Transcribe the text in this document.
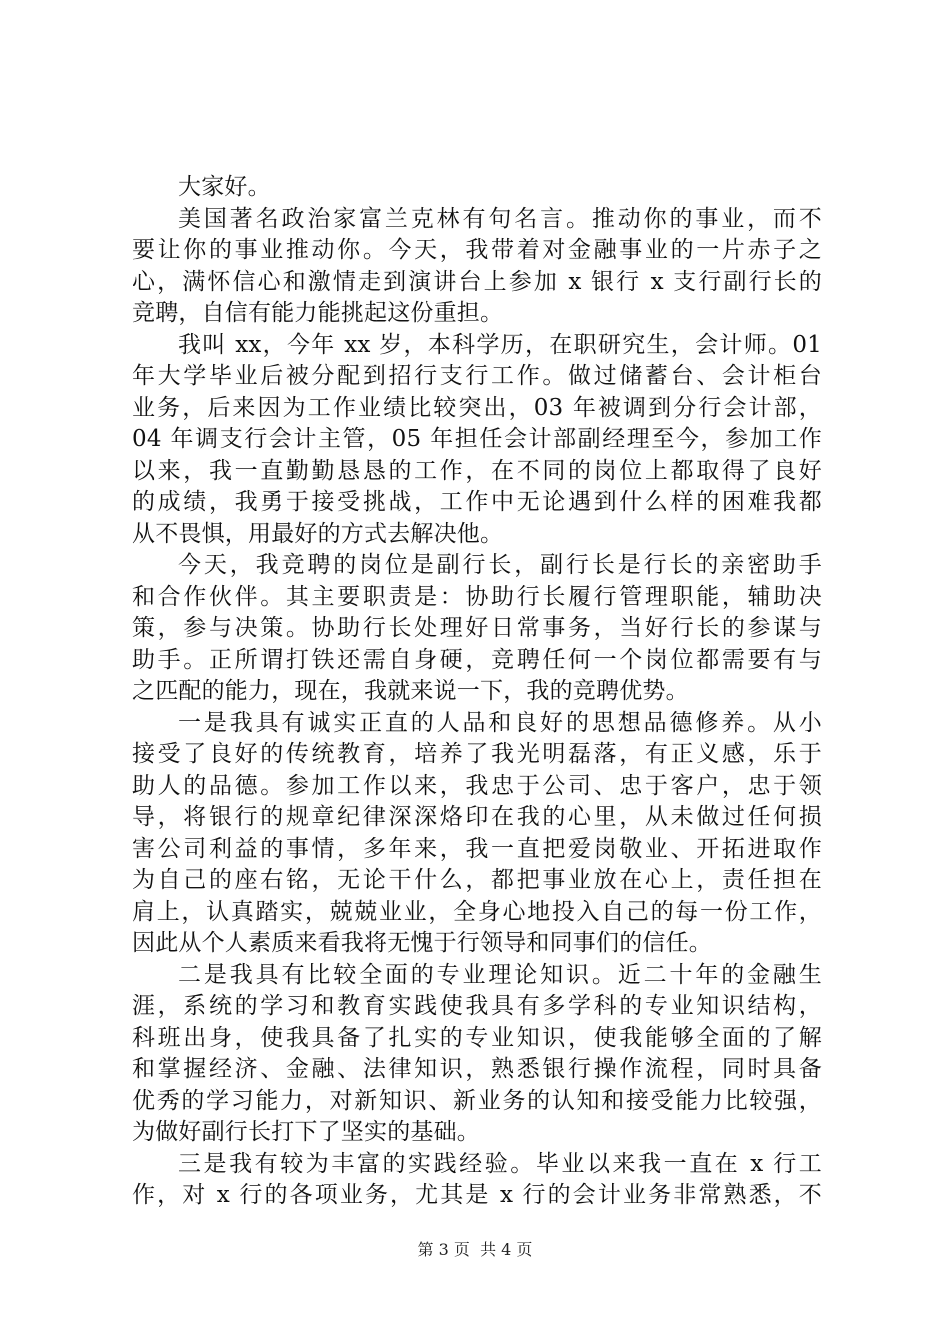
大家好。
美国著名政治家富兰克林有句名言。推动你的事业，而不
要让你的事业推动你。今天，我带着对金融事业的一片赤子之
心，满怀信心和激情走到演讲台上参加 x 银行 x 支行副行长的
竞聘，自信有能力能挑起这份重担。
我叫 xx，今年 xx 岁，本科学历，在职研究生，会计师。01
年大学毕业后被分配到招行支行工作。做过储蓄台、会计柜台
业务，后来因为工作业绩比较突出，03 年被调到分行会计部，
04 年调支行会计主管，05 年担任会计部副经理至今，参加工作
以来，我一直勤勤恳恳的工作，在不同的岗位上都取得了良好
的成绩，我勇于接受挑战，工作中无论遇到什么样的困难我都
从不畏惧，用最好的方式去解决他。
今天，我竞聘的岗位是副行长，副行长是行长的亲密助手
和合作伙伴。其主要职责是：协助行长履行管理职能，辅助决
策，参与决策。协助行长处理好日常事务，当好行长的参谋与
助手。正所谓打铁还需自身硬，竞聘任何一个岗位都需要有与
之匹配的能力，现在，我就来说一下，我的竞聘优势。
一是我具有诚实正直的人品和良好的思想品德修养。从小
接受了良好的传统教育，培养了我光明磊落，有正义感，乐于
助人的品德。参加工作以来，我忠于公司、忠于客户，忠于领
导，将银行的规章纪律深深烙印在我的心里，从未做过任何损
害公司利益的事情，多年来，我一直把爱岗敬业、开拓进取作
为自己的座右铭，无论干什么，都把事业放在心上，责任担在
肩上，认真踏实，兢兢业业，全身心地投入自己的每一份工作，
因此从个人素质来看我将无愧于行领导和同事们的信任。
二是我具有比较全面的专业理论知识。近二十年的金融生
涯，系统的学习和教育实践使我具有多学科的专业知识结构，
科班出身，使我具备了扎实的专业知识，使我能够全面的了解
和掌握经济、金融、法律知识，熟悉银行操作流程，同时具备
优秀的学习能力，对新知识、新业务的认知和接受能力比较强，
为做好副行长打下了坚实的基础。
三是我有较为丰富的实践经验。毕业以来我一直在 x 行工
作，对 x 行的各项业务，尤其是 x 行的会计业务非常熟悉，不
第 3 页  共 4 页
